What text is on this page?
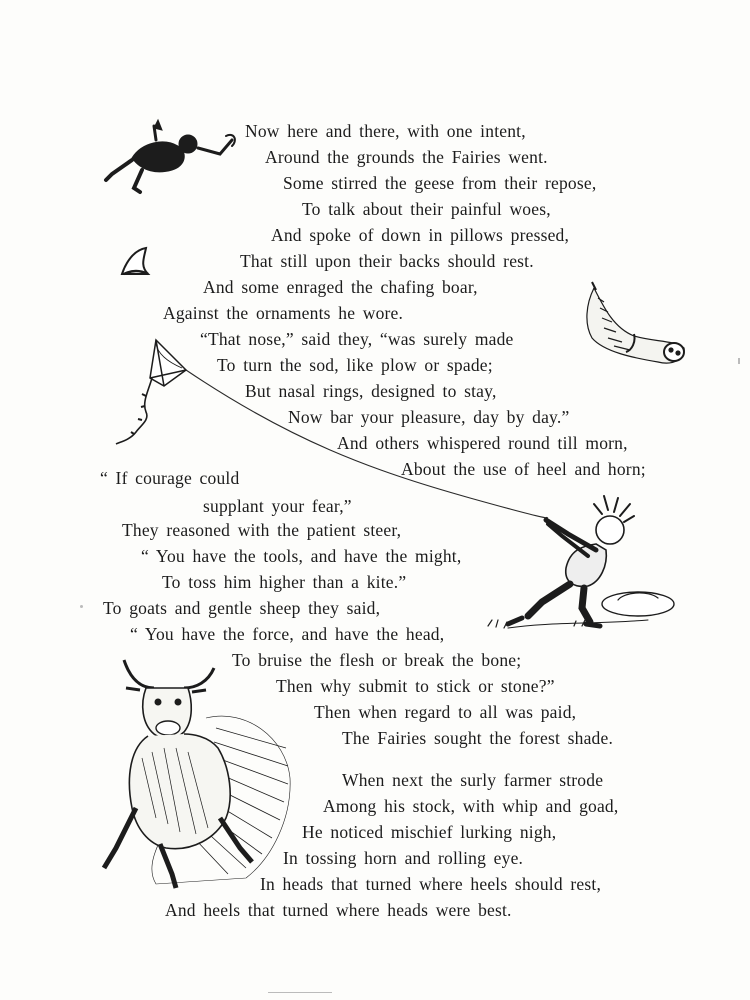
Now here and there, with one intent,
Around the grounds the Fairies went.
Some stirred the geese from their repose,
To talk about their painful woes,
And spoke of down in pillows pressed,
That still upon their backs should rest.
And some enraged the chafing boar,
Against the ornaments he wore.
“That nose,” said they, “was surely made
To turn the sod, like plow or spade;
But nasal rings, designed to stay,
Now bar your pleasure, day by day.”
And others whispered round till morn,
About the use of heel and horn;
“ If courage could
supplant your fear,”
They reasoned with the patient steer,
“ You have the tools, and have the might,
To toss him higher than a kite.”
To goats and gentle sheep they said,
“ You have the force, and have the head,
To bruise the flesh or break the bone;
Then why submit to stick or stone?”
Then when regard to all was paid,
The Fairies sought the forest shade.
When next the surly farmer strode
Among his stock, with whip and goad,
He noticed mischief lurking nigh,
In tossing horn and rolling eye.
In heads that turned where heels should rest,
And heels that turned where heads were best.
